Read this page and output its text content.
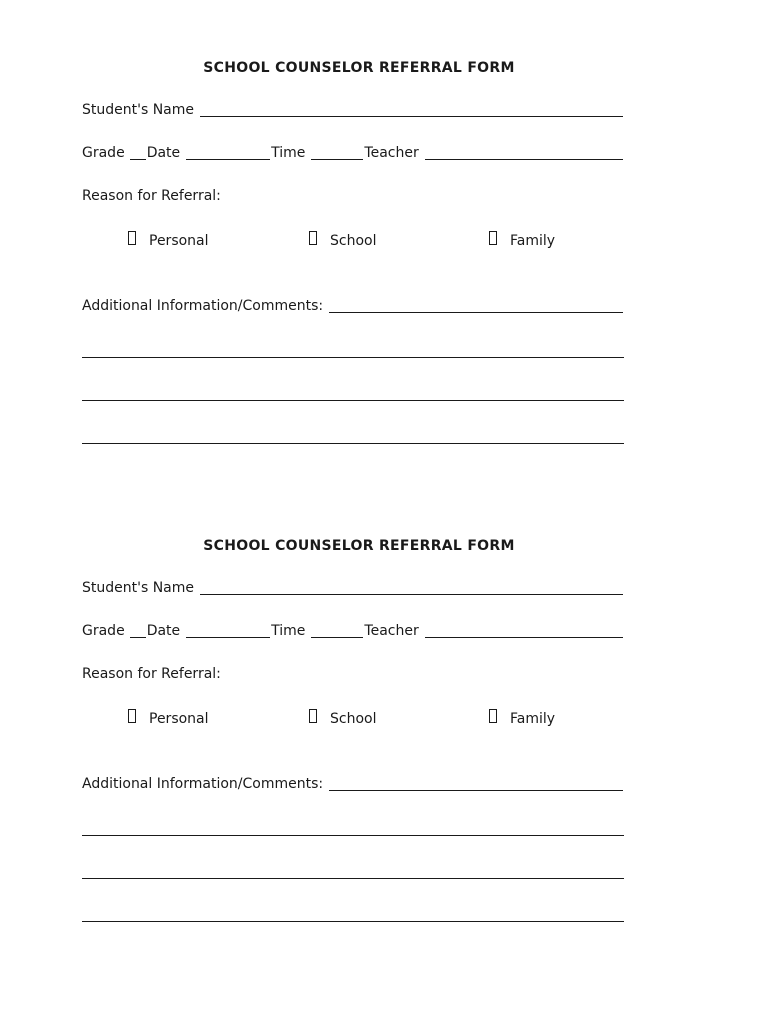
SCHOOL COUNSELOR REFERRAL FORM
Student's Name
Grade Date	Time	Teacher
Reason for Referral:
Personal	School	Family
Additional Information/Comments:
SCHOOL COUNSELOR REFERRAL FORM
Student's Name
Grade Date	Time	Teacher
Reason for Referral:
Personal	School	Family
Additional Information/Comments:
